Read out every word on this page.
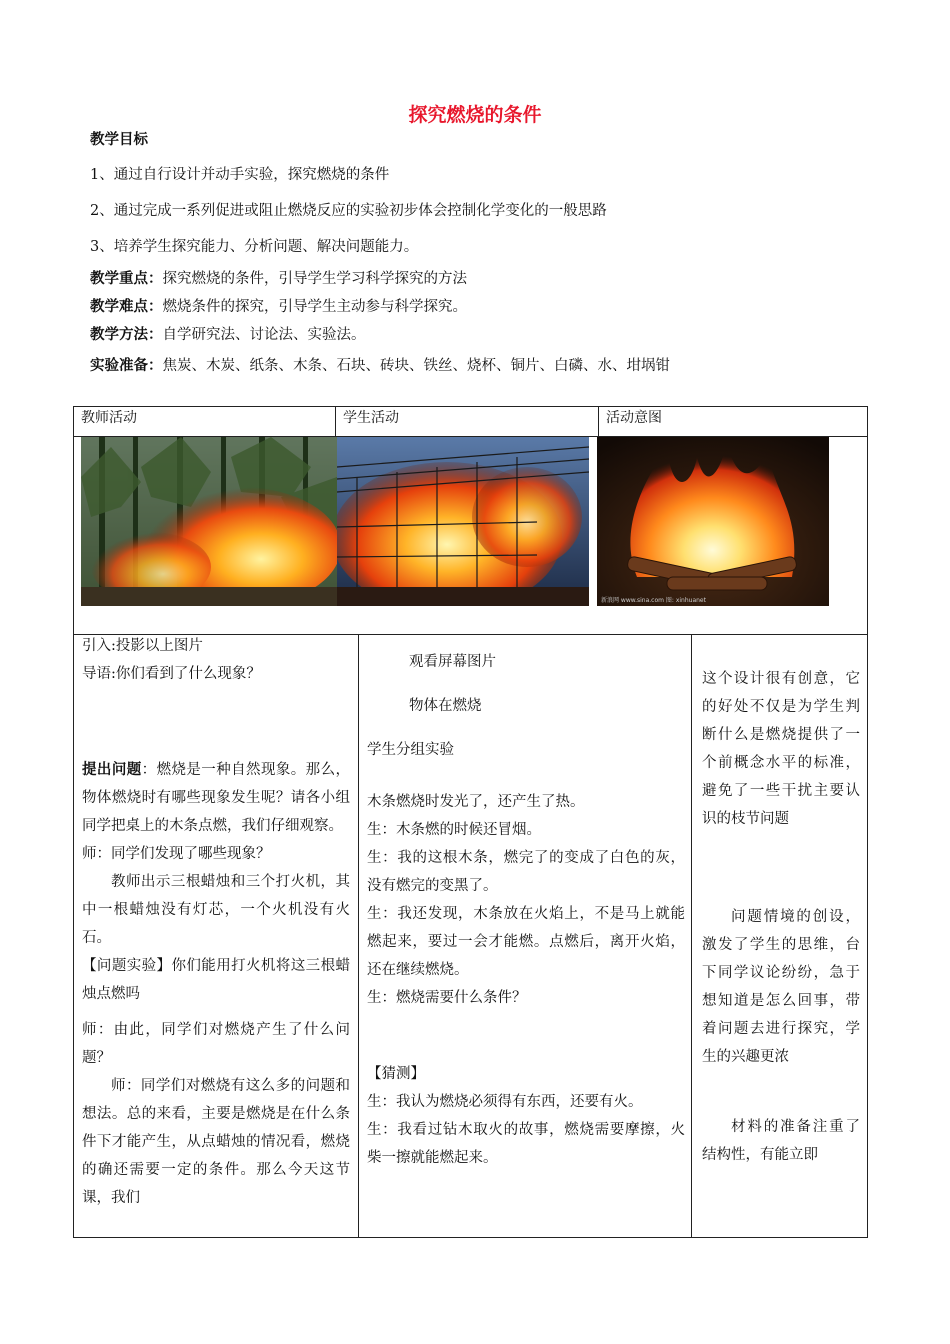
探究燃烧的条件
教学目标
1、通过自行设计并动手实验，探究燃烧的条件
2、通过完成一系列促进或阻止燃烧反应的实验初步体会控制化学变化的一般思路
3、培养学生探究能力、分析问题、解决问题能力。
教学重点：探究燃烧的条件，引导学生学习科学探究的方法
教学难点：燃烧条件的探究，引导学生主动参与科学探究。
教学方法：自学研究法、讨论法、实验法。
实验准备：焦炭、木炭、纸条、木条、石块、砖块、铁丝、烧杯、铜片、白磷、水、坩埚钳
教师活动	学生活动	活动意图
新浪网 www.sina.com 图: xinhuanet

引入:投影以上图片

导语:你们看到了什么现象？

提出问题：燃烧是一种自然现象。那么，物体燃烧时有哪些现象发生呢？请各小组同学把桌上的木条点燃，我们仔细观察。

师：同学们发现了哪些现象？

教师出示三根蜡烛和三个打火机，其中一根蜡烛没有灯芯，一个火机没有火石。

【问题实验】你们能用打火机将这三根蜡烛点燃吗

师：由此，同学们对燃烧产生了什么问题？

师：同学们对燃烧有这么多的问题和想法。总的来看，主要是燃烧是在什么条件下才能产生，从点蜡烛的情况看，燃烧的确还需要一定的条件。那么今天这节课，我们

观看屏幕图片

物体在燃烧

学生分组实验

木条燃烧时发光了，还产生了热。

生：木条燃的时候还冒烟。

生：我的这根木条，燃完了的变成了白色的灰，没有燃完的变黑了。

生：我还发现，木条放在火焰上，不是马上就能燃起来，要过一会才能燃。点燃后，离开火焰，还在继续燃烧。

生：燃烧需要什么条件？

【猜测】

生：我认为燃烧必须得有东西，还要有火。

生：我看过钻木取火的故事，燃烧需要摩擦，火柴一擦就能燃起来。

这个设计很有创意，它的好处不仅是为学生判断什么是燃烧提供了一个前概念水平的标准，避免了一些干扰主要认识的枝节问题

问题情境的创设，激发了学生的思维，台下同学议论纷纷，急于想知道是怎么回事，带着问题去进行探究，学生的兴趣更浓

材料的准备注重了结构性，有能立即
